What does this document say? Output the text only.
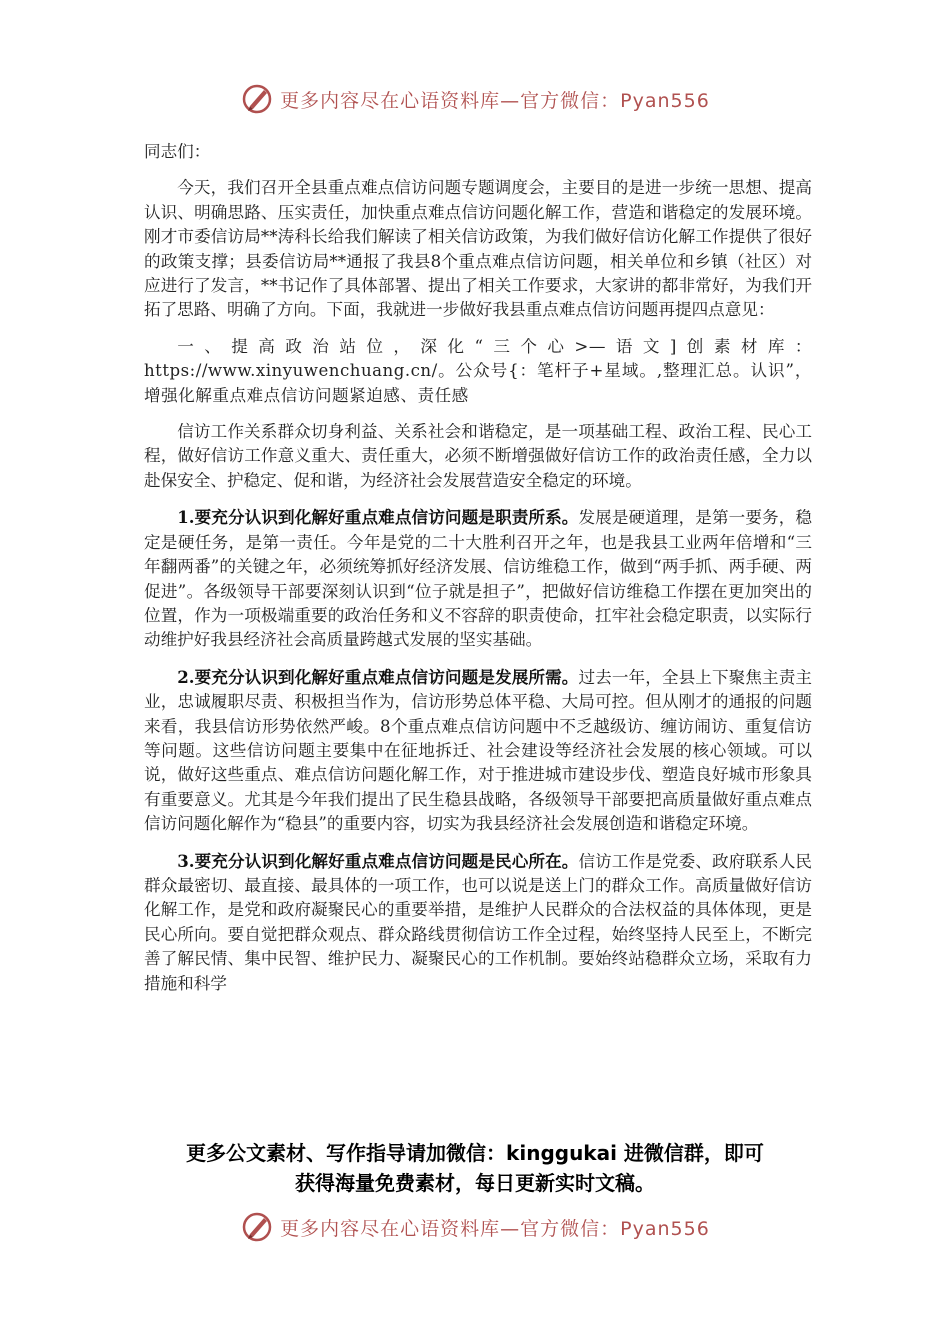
更多内容尽在心语资料库—官方微信：Pyan556

同志们：

今天，我们召开全县重点难点信访问题专题调度会，主要目的是进一步统一思想、提高认识、明确思路、压实责任，加快重点难点信访问题化解工作，营造和谐稳定的发展环境。刚才市委信访局**涛科长给我们解读了相关信访政策，为我们做好信访化解工作提供了很好的政策支撑；县委信访局**通报了我县8个重点难点信访问题，相关单位和乡镇（社区）对应进行了发言，**书记作了具体部署、提出了相关工作要求，大家讲的都非常好，为我们开拓了思路、明确了方向。下面，我就进一步做好我县重点难点信访问题再提四点意见：

一、提高政治站位，深化“三个心>—语文]创素材库：https://www.xinyuwenchuang.cn/。公众号{：笔杆子+星域。,整理汇总。认识”，增强化解重点难点信访问题紧迫感、责任感

信访工作关系群众切身利益、关系社会和谐稳定，是一项基础工程、政治工程、民心工程，做好信访工作意义重大、责任重大，必须不断增强做好信访工作的政治责任感，全力以赴保安全、护稳定、促和谐，为经济社会发展营造安全稳定的环境。

1.要充分认识到化解好重点难点信访问题是职责所系。发展是硬道理，是第一要务，稳定是硬任务，是第一责任。今年是党的二十大胜利召开之年，也是我县工业两年倍增和“三年翻两番”的关键之年，必须统筹抓好经济发展、信访维稳工作，做到“两手抓、两手硬、两促进”。各级领导干部要深刻认识到“位子就是担子”，把做好信访维稳工作摆在更加突出的位置，作为一项极端重要的政治任务和义不容辞的职责使命，扛牢社会稳定职责，以实际行动维护好我县经济社会高质量跨越式发展的坚实基础。

2.要充分认识到化解好重点难点信访问题是发展所需。过去一年，全县上下聚焦主责主业，忠诚履职尽责、积极担当作为，信访形势总体平稳、大局可控。但从刚才的通报的问题来看，我县信访形势依然严峻。8个重点难点信访问题中不乏越级访、缠访闹访、重复信访等问题。这些信访问题主要集中在征地拆迁、社会建设等经济社会发展的核心领域。可以说，做好这些重点、难点信访问题化解工作，对于推进城市建设步伐、塑造良好城市形象具有重要意义。尤其是今年我们提出了民生稳县战略，各级领导干部要把高质量做好重点难点信访问题化解作为“稳县”的重要内容，切实为我县经济社会发展创造和谐稳定环境。

3.要充分认识到化解好重点难点信访问题是民心所在。信访工作是党委、政府联系人民群众最密切、最直接、最具体的一项工作，也可以说是送上门的群众工作。高质量做好信访化解工作，是党和政府凝聚民心的重要举措，是维护人民群众的合法权益的具体体现，更是民心所向。要自觉把群众观点、群众路线贯彻信访工作全过程，始终坚持人民至上，不断完善了解民情、集中民智、维护民力、凝聚民心的工作机制。要始终站稳群众立场，采取有力措施和科学

更多公文素材、写作指导请加微信：kinggukai 进微信群，即可
获得海量免费素材，每日更新实时文稿。
更多内容尽在心语资料库—官方微信：Pyan556
